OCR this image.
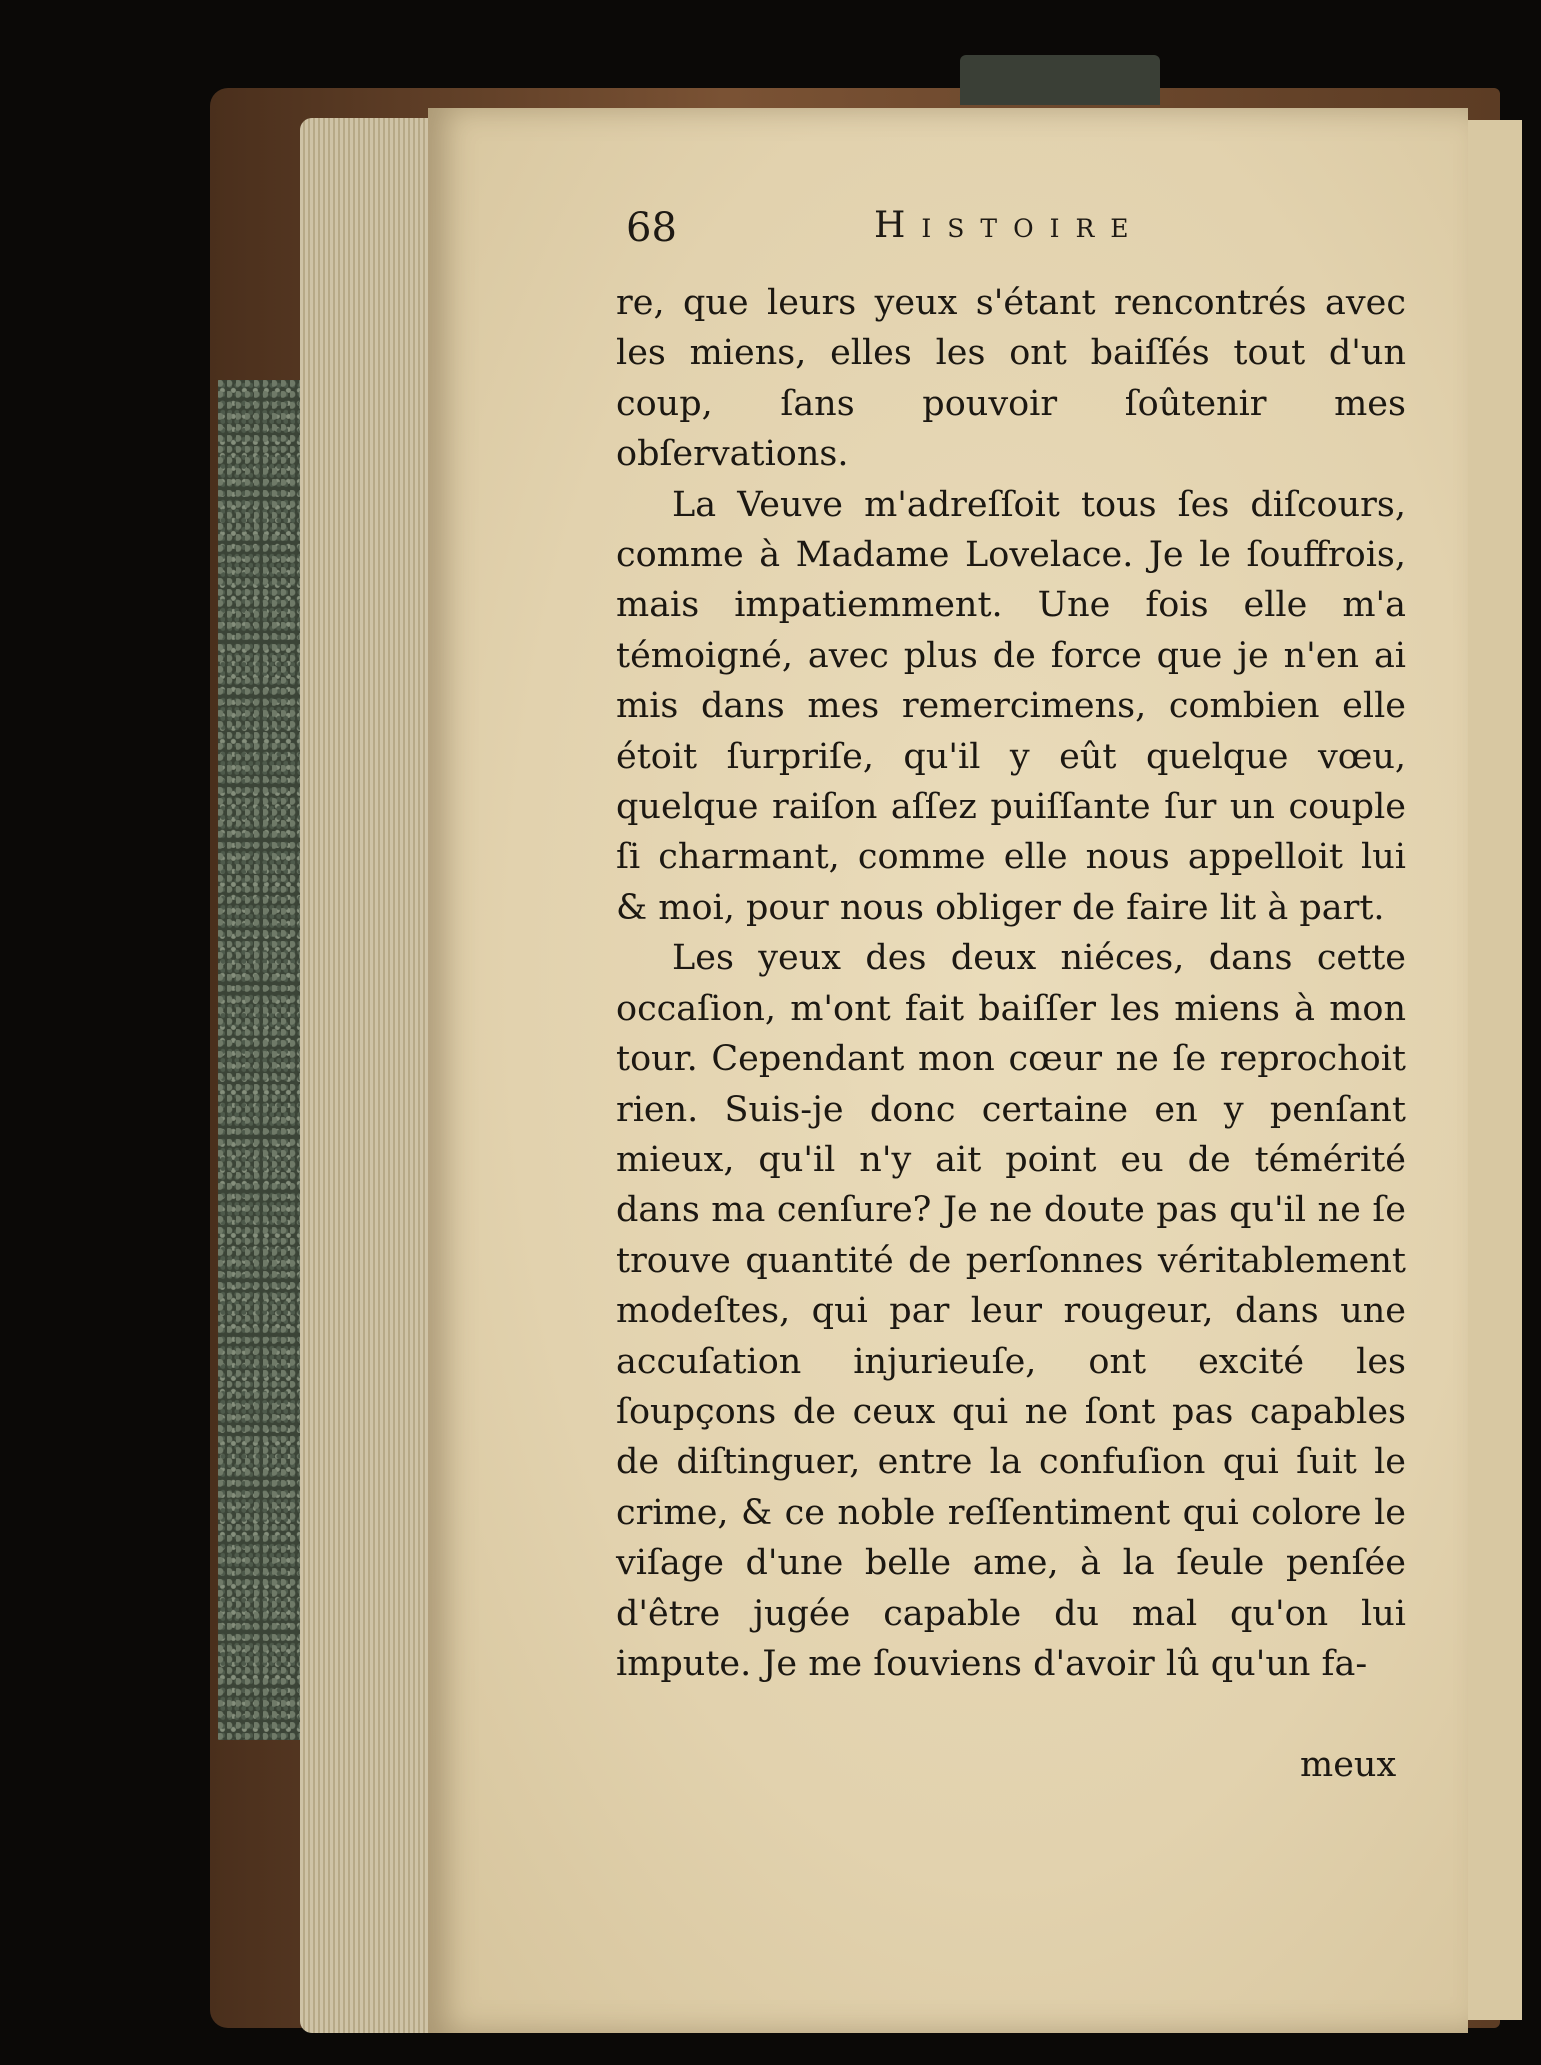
68	Histoire

re, que leurs yeux s'étant rencontrés avec les miens, elles les ont baiſſés tout d'un coup, ſans pouvoir ſoûtenir mes obſervations.

La Veuve m'adreſſoit tous ſes diſcours, comme à Madame Lovelace. Je le ſouffrois, mais impatiemment. Une fois elle m'a témoigné, avec plus de force que je n'en ai mis dans mes remercimens, combien elle étoit ſurpriſe, qu'il y eût quelque vœu, quelque raiſon aſſez puiſſante ſur un couple ſi charmant, comme elle nous appelloit lui & moi, pour nous obliger de faire lit à part.

Les yeux des deux niéces, dans cette occaſion, m'ont fait baiſſer les miens à mon tour. Cependant mon cœur ne ſe reprochoit rien. Suis-je donc certaine en y penſant mieux, qu'il n'y ait point eu de témérité dans ma cenſure? Je ne doute pas qu'il ne ſe trouve quantité de perſonnes véritablement modeſtes, qui par leur rougeur, dans une accuſation injurieuſe, ont excité les ſoupçons de ceux qui ne ſont pas capables de diſtinguer, entre la confuſion qui ſuit le crime, & ce noble reſſentiment qui colore le viſage d'une belle ame, à la ſeule penſée d'être jugée capable du mal qu'on lui impute. Je me ſouviens d'avoir lû qu'un fa-

meux
